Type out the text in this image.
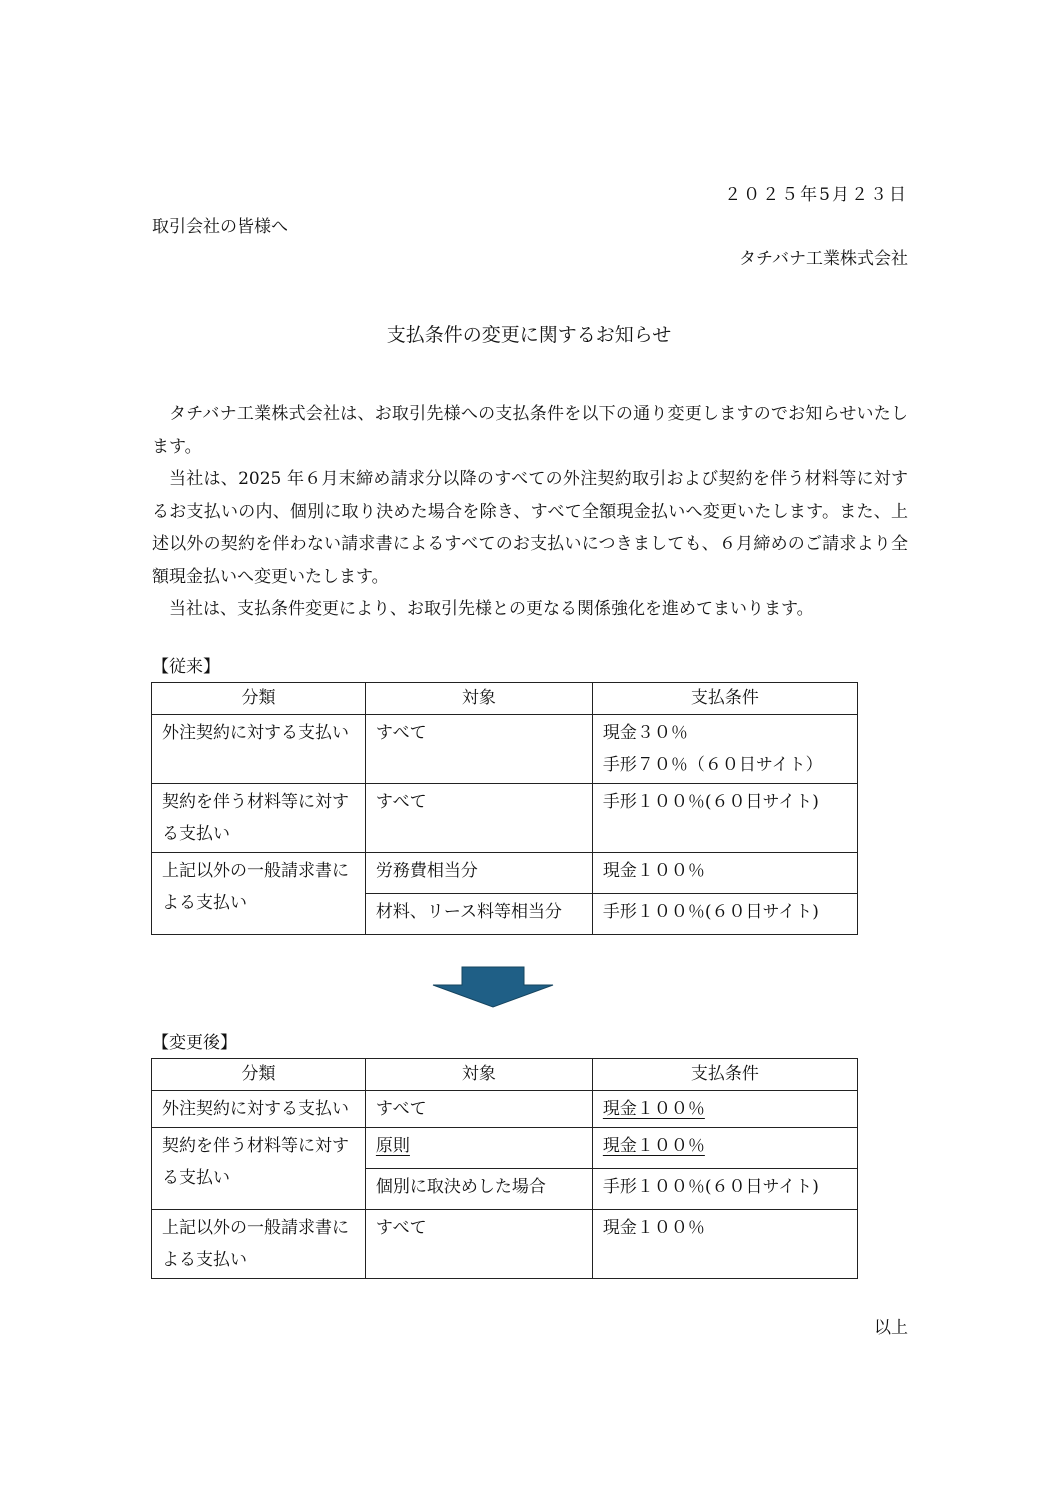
２０２５年5月２３日
取引会社の皆様へ
タチバナ工業株式会社
支払条件の変更に関するお知らせ

タチバナ工業株式会社は、お取引先様への支払条件を以下の通り変更しますのでお知らせいたします。

当社は、2025 年６月末締め請求分以降のすべての外注契約取引および契約を伴う材料等に対するお支払いの内、個別に取り決めた場合を除き、すべて全額現金払いへ変更いたします。また、上述以外の契約を伴わない請求書によるすべてのお支払いにつきましても、６月締めのご請求より全額現金払いへ変更いたします。

当社は、支払条件変更により、お取引先様との更なる関係強化を進めてまいります。

【従来】
分類	対象	支払条件
外注契約に対する支払い	すべて	現金３０％
手形７０％（６０日サイト）

契約を伴う材料等に対する支払い	すべて	手形１００％(６０日サイト)
上記以外の一般請求書による支払い	労務費相当分	現金１００％
	材料、リース料等相当分	手形１００％(６０日サイト)
【変更後】
分類	対象	支払条件
外注契約に対する支払い	すべて	現金１００％
契約を伴う材料等に対する支払い	原則	現金１００％
	個別に取決めした場合	手形１００％(６０日サイト)
上記以外の一般請求書による支払い	すべて	現金１００％
以上
